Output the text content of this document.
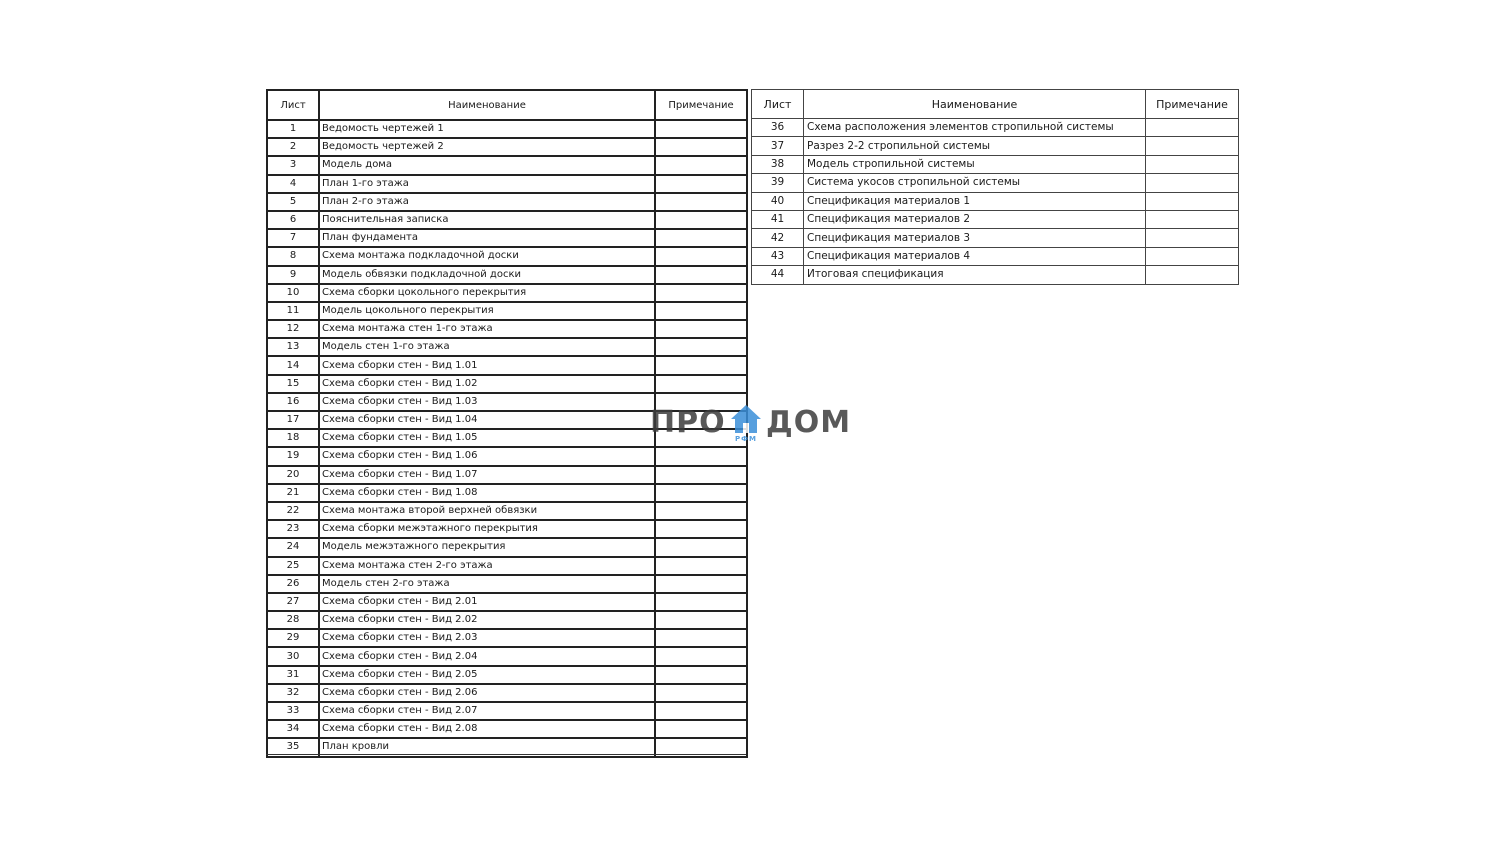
Лист	Наименование	Примечание
1	Ведомость чертежей 1	
2	Ведомость чертежей 2	
3	Модель дома	
4	План 1-го этажа	
5	План 2-го этажа	
6	Пояснительная записка	
7	План фундамента	
8	Схема монтажа подкладочной доски	
9	Модель обвязки подкладочной доски	
10	Схема сборки цокольного перекрытия	
11	Модель цокольного перекрытия	
12	Схема монтажа стен 1-го этажа	
13	Модель стен 1-го этажа	
14	Схема сборки стен - Вид 1.01	
15	Схема сборки стен - Вид 1.02	
16	Схема сборки стен - Вид 1.03	
17	Схема сборки стен - Вид 1.04	
18	Схема сборки стен - Вид 1.05	
19	Схема сборки стен - Вид 1.06	
20	Схема сборки стен - Вид 1.07	
21	Схема сборки стен - Вид 1.08	
22	Схема монтажа второй верхней обвязки	
23	Схема сборки межэтажного перекрытия	
24	Модель межэтажного перекрытия	
25	Схема монтажа стен 2-го этажа	
26	Модель стен 2-го этажа	
27	Схема сборки стен - Вид 2.01	
28	Схема сборки стен - Вид 2.02	
29	Схема сборки стен - Вид 2.03	
30	Схема сборки стен - Вид 2.04	
31	Схема сборки стен - Вид 2.05	
32	Схема сборки стен - Вид 2.06	
33	Схема сборки стен - Вид 2.07	
34	Схема сборки стен - Вид 2.08	
35	План кровли	
Лист	Наименование	Примечание
36	Схема расположения элементов стропильной системы	
37	Разрез 2-2 стропильной системы	
38	Модель стропильной системы	
39	Система укосов стропильной системы	
40	Спецификация материалов 1	
41	Спецификация материалов 2	
42	Спецификация материалов 3	
43	Спецификация материалов 4	
44	Итоговая спецификация	
ПРО РФМ ДОМ
